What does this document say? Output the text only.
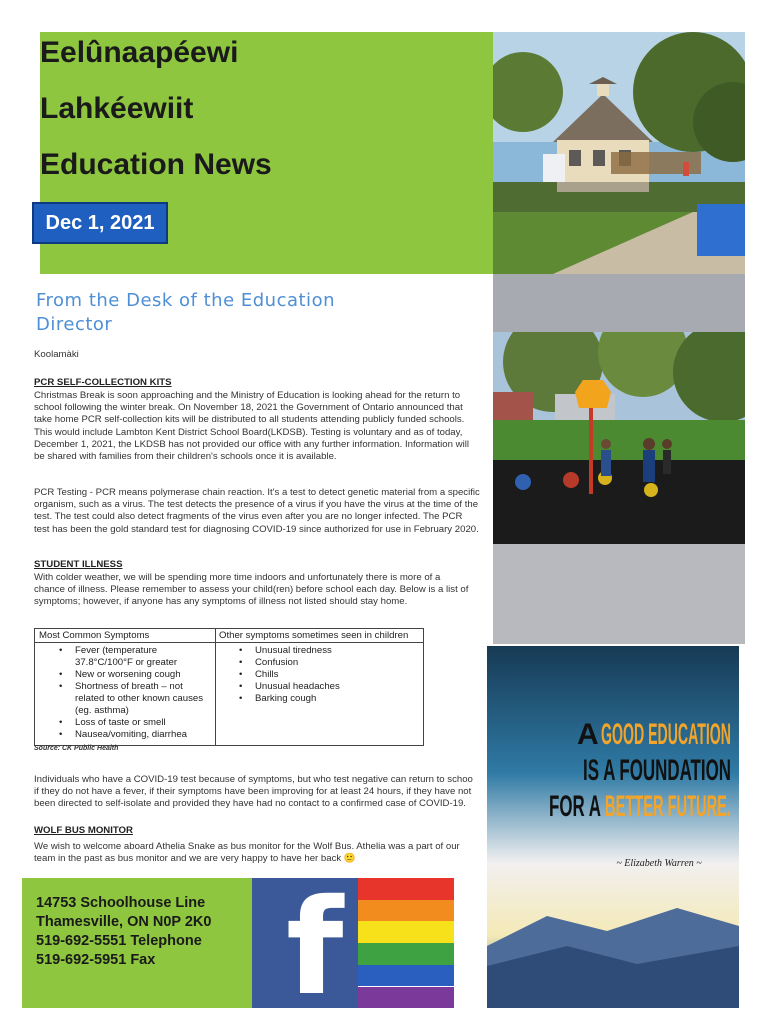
Eelûnaapéewi
Lahkéewiit
Education News
Dec 1, 2021
A GOOD EDUCATION
IS A FOUNDATION
FOR A BETTER FUTURE.
~ Elizabeth Warren ~
From the Desk of the Education
Director
Koolamàki
PCR SELF-COLLECTION KITS
Christmas Break is soon approaching and the Ministry of Education is looking ahead for the return to
school following the winter break. On November 18, 2021 the Government of Ontario announced that
take home PCR self-collection kits will be distributed to all students attending publicly funded schools.
This would include Lambton Kent District School Board(LKDSB). Testing is voluntary and as of today,
December 1, 2021, the LKDSB has not provided our office with any further information. Information will
be shared with families from their children's schools once it is available.
PCR Testing - PCR means polymerase chain reaction. It's a test to detect genetic material from a specific
organism, such as a virus. The test detects the presence of a virus if you have the virus at the time of the
test. The test could also detect fragments of the virus even after you are no longer infected. The PCR
test has been the gold standard test for diagnosing COVID-19 since authorized for use in February 2020.
STUDENT ILLNESS
With colder weather, we will be spending more time indoors and unfortunately there is more of a
chance of illness. Please remember to assess your child(ren) before school each day. Below is a list of
symptoms; however, if anyone has any symptoms of illness not listed should stay home.
Most Common Symptoms
• Fever (temperature
37.8°C/100°F or greater
• New or worsening cough
• Shortness of breath – not
related to other known causes
(eg. asthma)
• Loss of taste or smell
• Nausea/vomiting, diarrhea
Other symptoms sometimes seen in children
• Unusual tiredness
• Confusion
• Chills
• Unusual headaches
• Barking cough
Source: CK Public Health
Individuals who have a COVID-19 test because of symptoms, but who test negative can return to schoo
if they do not have a fever, if their symptoms have been improving for at least 24 hours, if they have not
been directed to self-isolate and provided they have had no contact to a confirmed case of COVID-19.
WOLF BUS MONITOR
We wish to welcome aboard Athelia Snake as bus monitor for the Wolf Bus. Athelia was a part of our
team in the past as bus monitor and we are very happy to have her back 🙂
14753 Schoolhouse Line
Thamesville, ON N0P 2K0
519-692-5551 Telephone
519-692-5951 Fax f
